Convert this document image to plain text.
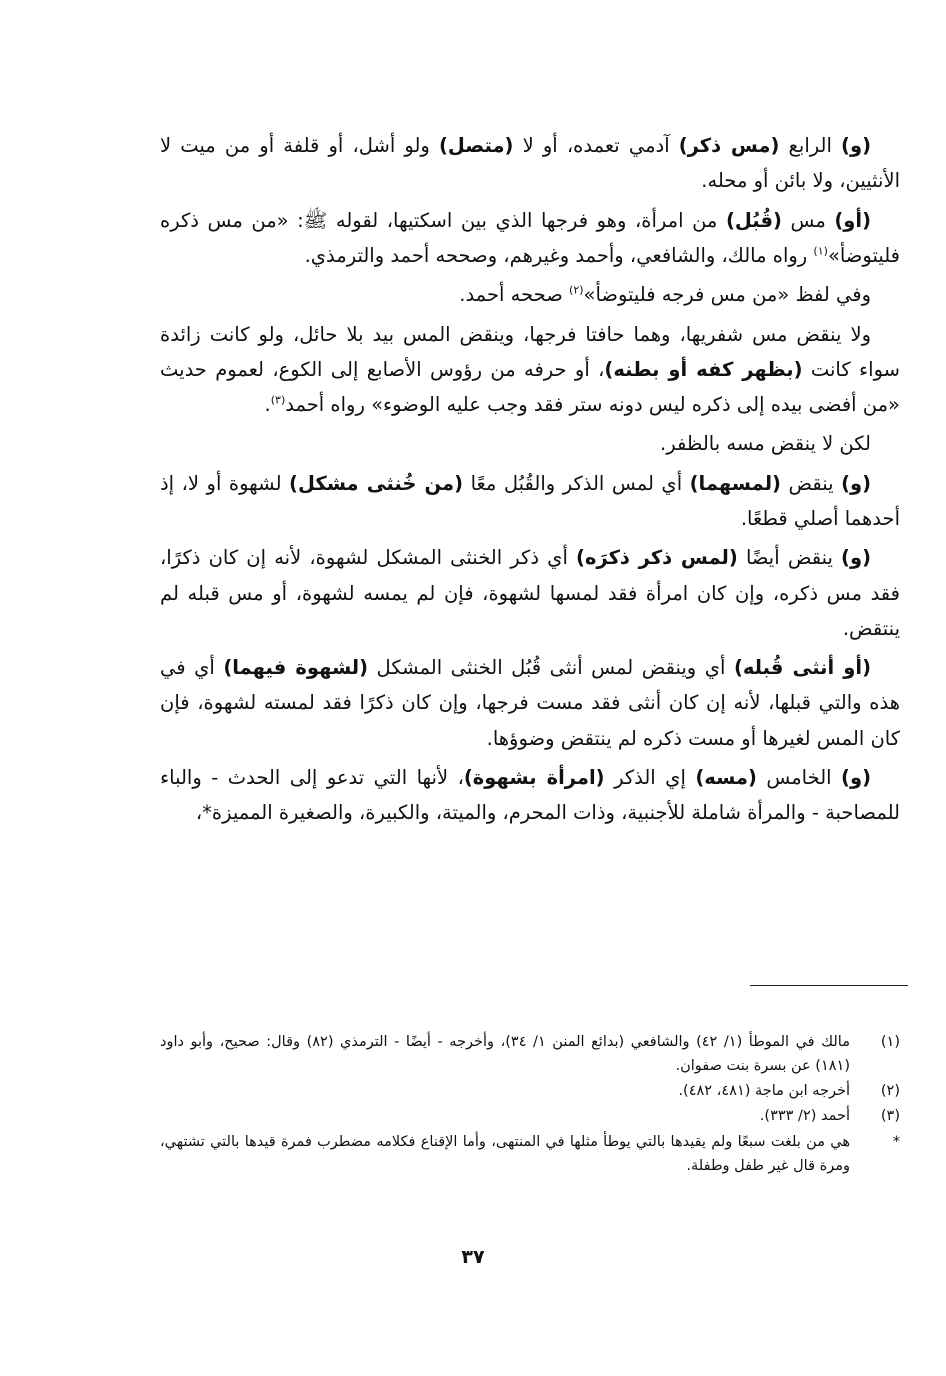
(و) الرابع (مس ذكر) آدمي تعمده، أو لا (متصل) ولو أشل، أو قلفة أو من ميت لا الأنثيين، ولا بائن أو محله.

(أو) مس (قُبُل) من امرأة، وهو فرجها الذي بين اسكتيها، لقوله ﷺ: «من مس ذكره فليتوضأ»$^{(١)}$ رواه مالك، والشافعي، وأحمد وغيرهم، وصححه أحمد والترمذي.

وفي لفظ «من مس فرجه فليتوضأ»$^{(٢)}$ صححه أحمد.

ولا ينقض مس شفريها، وهما حافتا فرجها، وينقض المس بيد بلا حائل، ولو كانت زائدة سواء كانت (بظهر كفه أو بطنه)، أو حرفه من رؤوس الأصابع إلى الكوع، لعموم حديث «من أفضى بيده إلى ذكره ليس دونه ستر فقد وجب عليه الوضوء» رواه أحمد$^{(٣)}$.

لكن لا ينقض مسه بالظفر.

(و) ينقض (لمسهما) أي لمس الذكر والقُبُل معًا (من خُنثى مشكل) لشهوة أو لا، إذ أحدهما أصلي قطعًا.

(و) ينقض أيضًا (لمس ذكر ذكرَه) أي ذكر الخنثى المشكل لشهوة، لأنه إن كان ذكرًا، فقد مس ذكره، وإن كان امرأة فقد لمسها لشهوة، فإن لم يمسه لشهوة، أو مس قبله لم ينتقض.

(أو أنثى قُبله) أي وينقض لمس أنثى قُبُل الخنثى المشكل (لشهوة فيهما) أي في هذه والتي قبلها، لأنه إن كان أنثى فقد مست فرجها، وإن كان ذكرًا فقد لمسته لشهوة، فإن كان المس لغيرها أو مست ذكره لم ينتقض وضوؤها.

(و) الخامس (مسه) إي الذكر (امرأة بشهوة)، لأنها التي تدعو إلى الحدث - والباء للمصاحبة - والمرأة شاملة للأجنبية، وذات المحرم، والميتة، والكبيرة، والصغيرة المميزة*،

(١)
مالك في الموطأ (١/ ٤٢) والشافعي (بدائع المنن ١/ ٣٤)، وأخرجه - أيضًا - الترمذي (٨٢) وقال: صحيح، وأبو داود (١٨١) عن بسرة بنت صفوان.
(٢)
أخرجه ابن ماجة (٤٨١، ٤٨٢).
(٣)
أحمد (٢/ ٣٣٣).
*
هي من بلغت سبعًا ولم يقيدها بالتي يوطأ مثلها في المنتهى، وأما الإقناع فكلامه مضطرب فمرة قيدها بالتي تشتهي، ومرة قال غير طفل وطفلة.
٣٧
